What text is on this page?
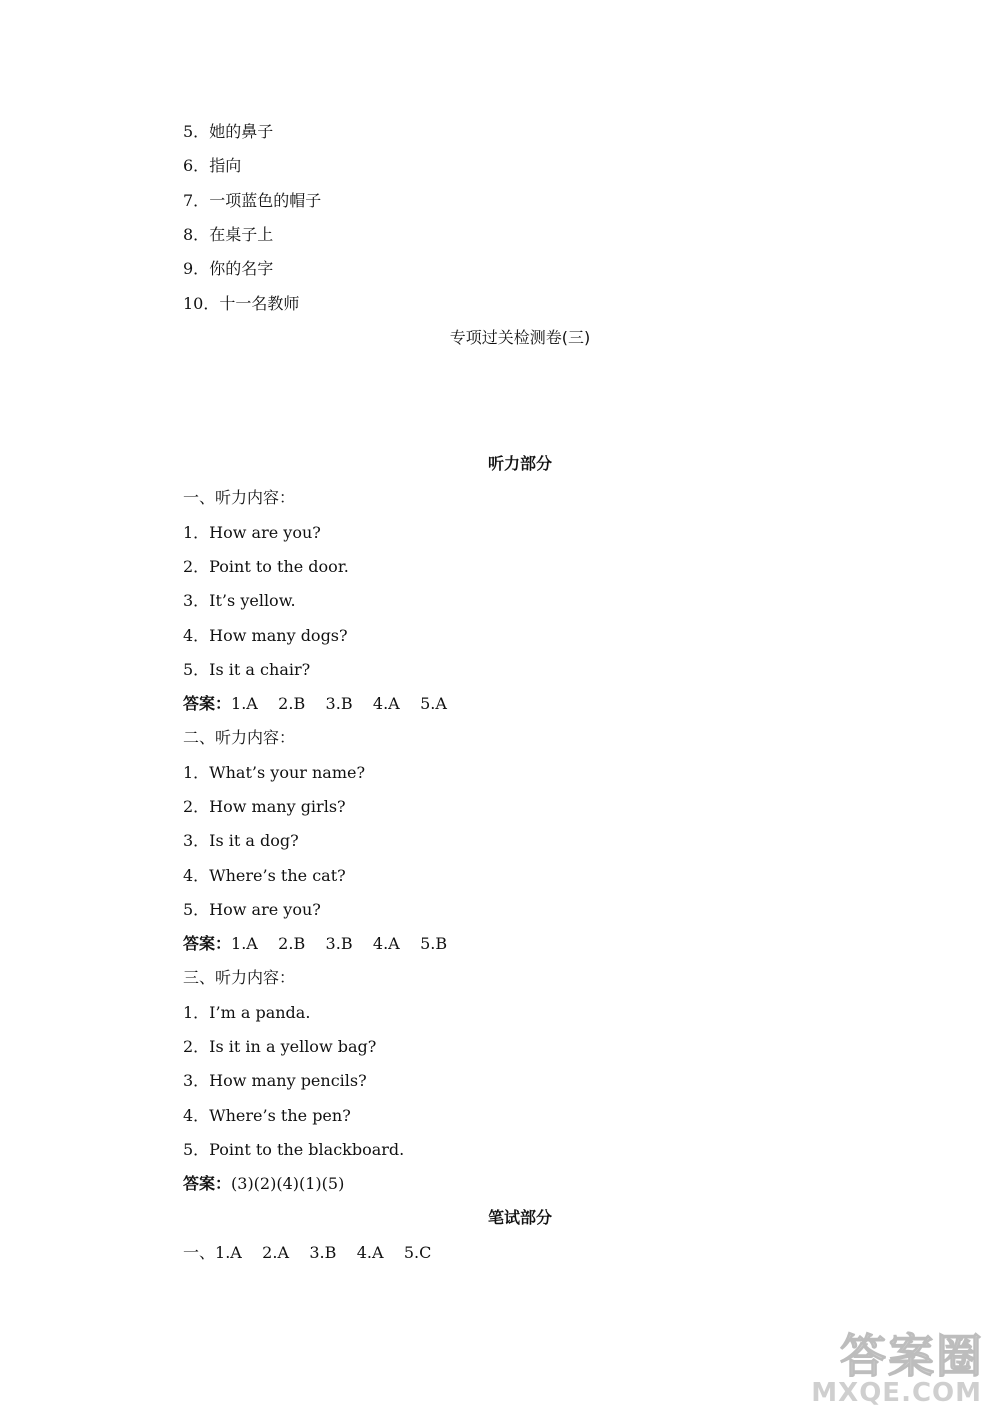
5．她的鼻子
6．指向
7．一项蓝色的帽子
8．在桌子上
9．你的名字
10．十一名教师
专项过关检测卷(三)
听力部分
一、听力内容：
1．How are you?
2．Point to the door.
3．It’s yellow.
4．How many dogs?
5．Is it a chair?
答案：1.A    2.B    3.B    4.A    5.A
二、听力内容：
1．What’s your name?
2．How many girls?
3．Is it a dog?
4．Where’s the cat?
5．How are you?
答案：1.A    2.B    3.B    4.A    5.B
三、听力内容：
1．I’m a panda.
2．Is it in a yellow bag?
3．How many pencils?
4．Where’s the pen?
5．Point to the blackboard.
答案：(3)(2)(4)(1)(5)
笔试部分
一、1.A    2.A    3.B    4.A    5.C
答案圈
MXQE.COM
